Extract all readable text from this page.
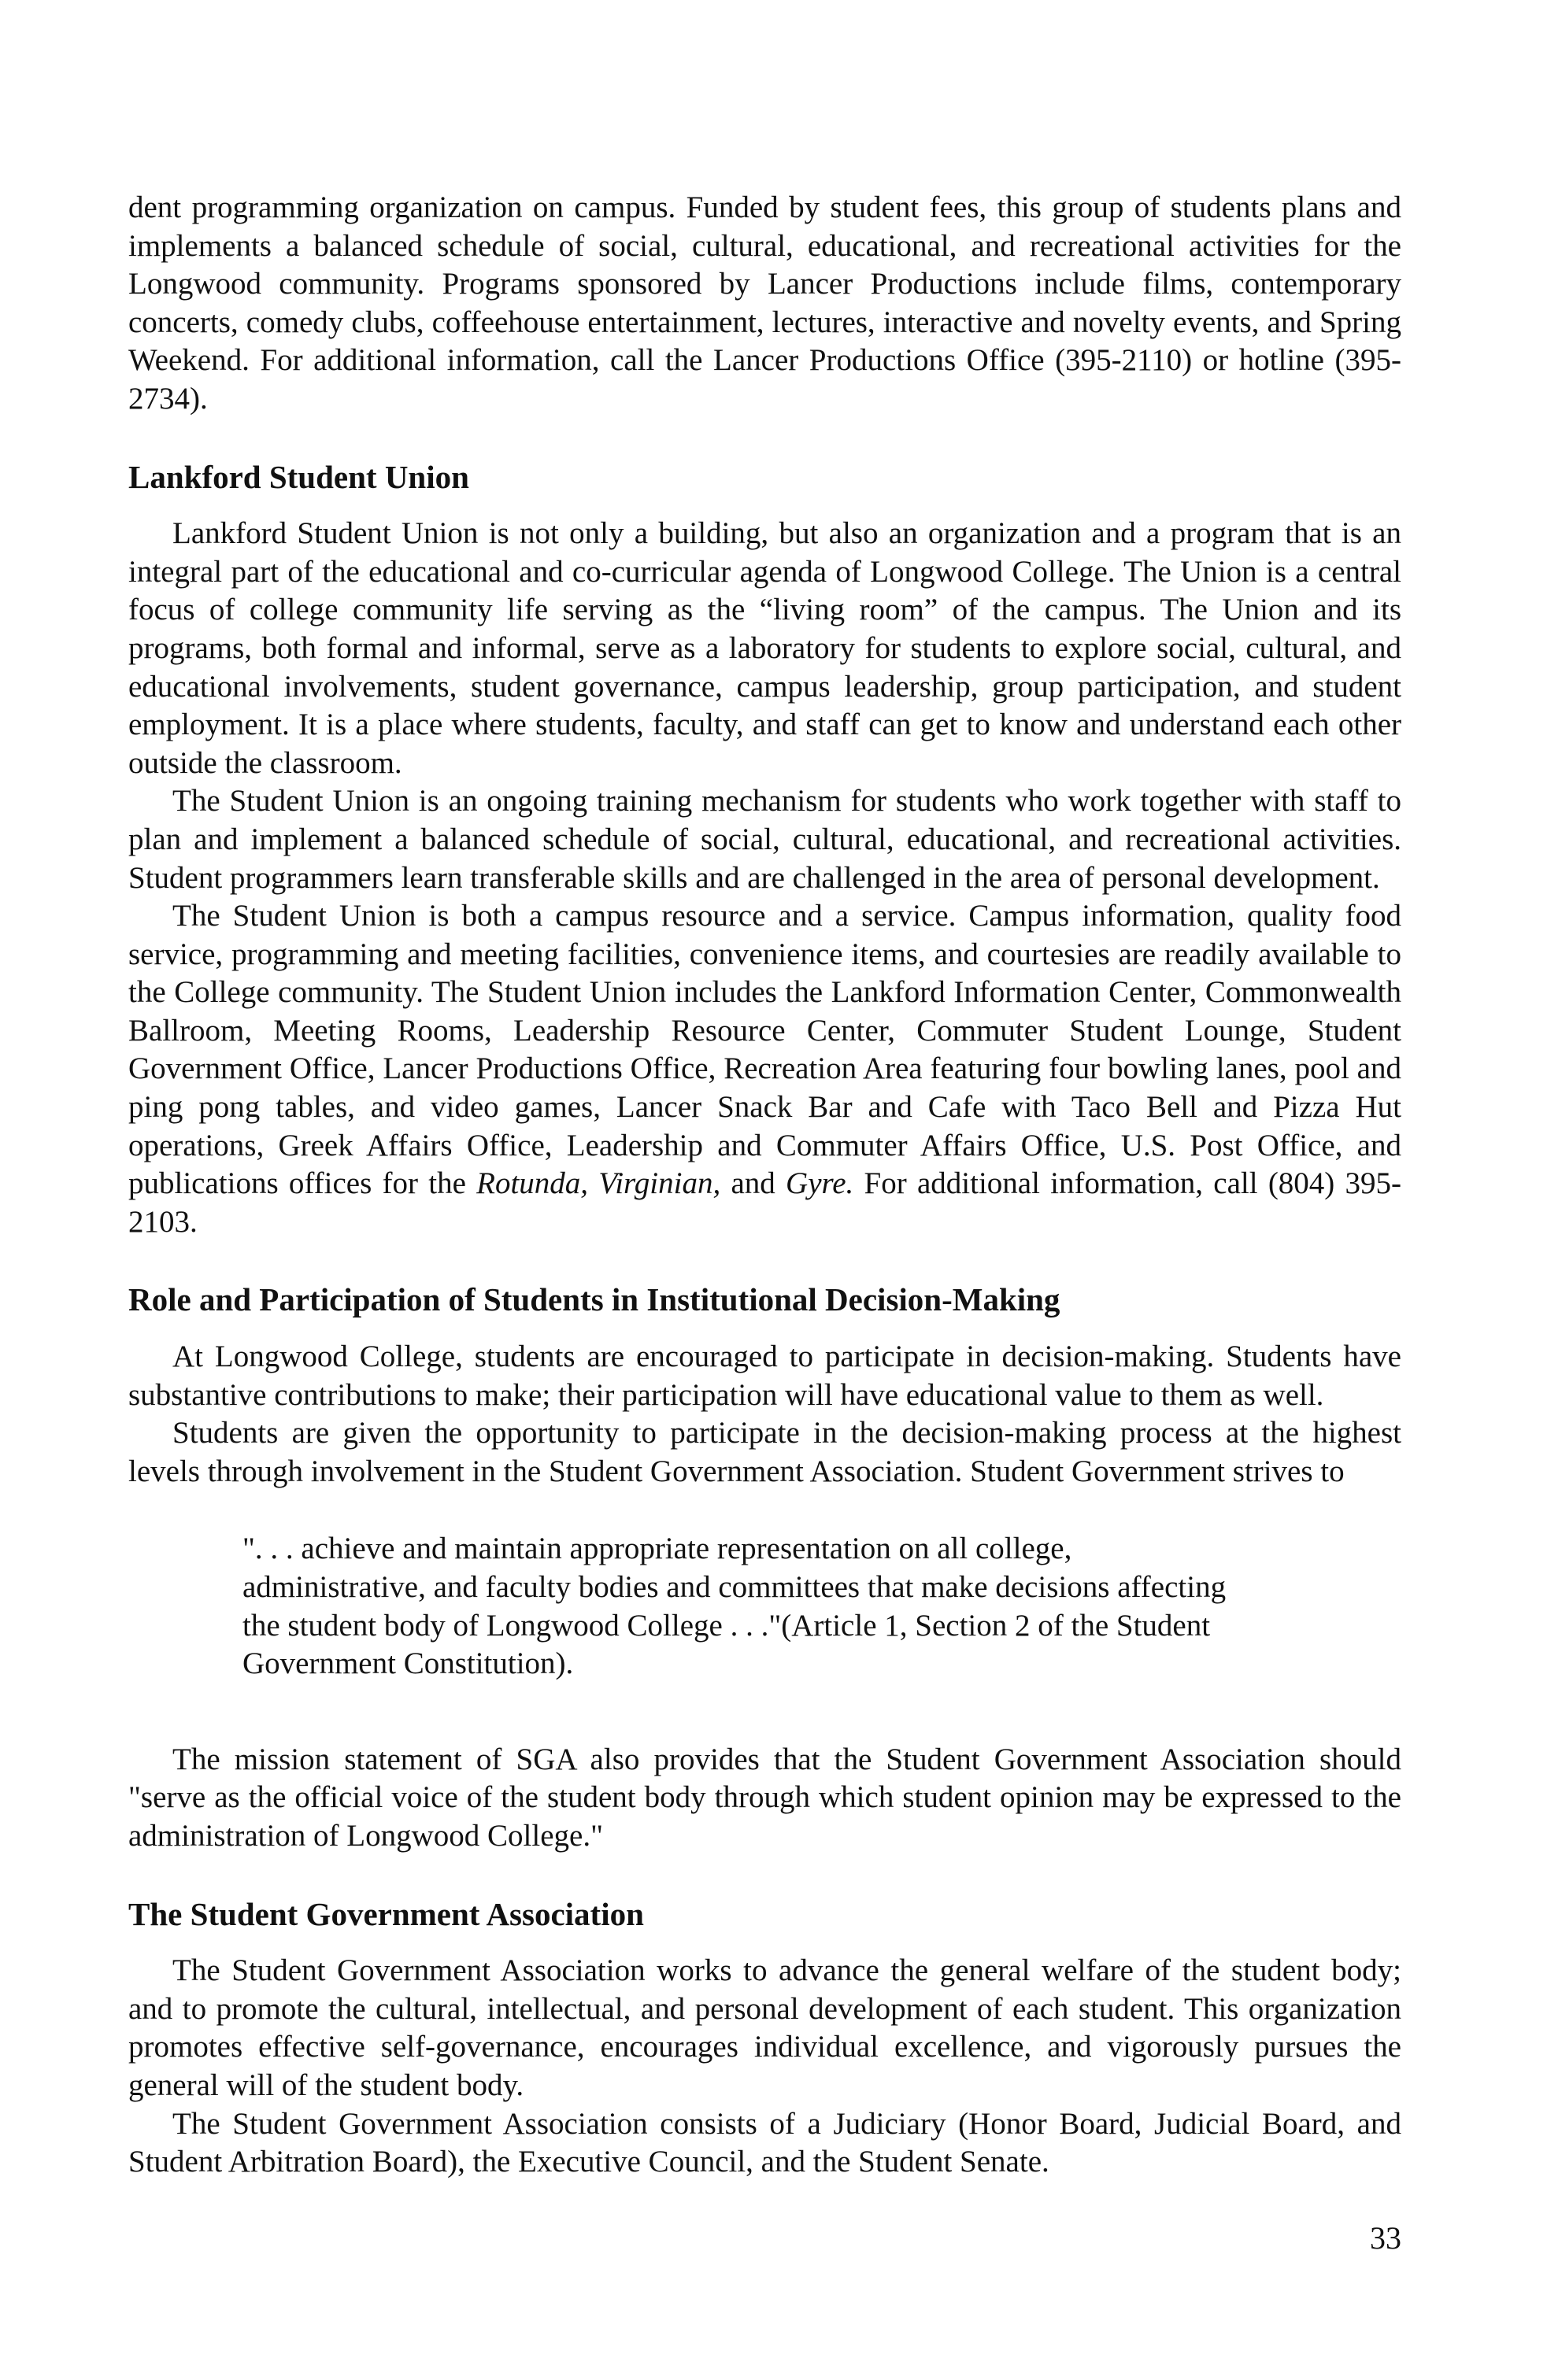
dent programming organization on campus. Funded by student fees, this group of students plans and implements a balanced schedule of social, cultural, educational, and recreational activities for the Longwood community. Programs sponsored by Lancer Productions include films, contemporary concerts, comedy clubs, coffeehouse entertainment, lectures, interactive and novelty events, and Spring Weekend. For additional information, call the Lancer Productions Office (395-2110) or hotline (395-2734).

Lankford Student Union

Lankford Student Union is not only a building, but also an organization and a program that is an integral part of the educational and co-curricular agenda of Longwood College. The Union is a central focus of college community life serving as the “living room” of the campus. The Union and its programs, both formal and informal, serve as a laboratory for students to explore social, cultural, and educational involvements, student governance, campus leadership, group participation, and student employment. It is a place where students, faculty, and staff can get to know and understand each other outside the classroom.

The Student Union is an ongoing training mechanism for students who work together with staff to plan and implement a balanced schedule of social, cultural, educational, and recreational activities. Student programmers learn transferable skills and are challenged in the area of personal development.

The Student Union is both a campus resource and a service. Campus information, quality food service, programming and meeting facilities, convenience items, and courtesies are readily available to the College community. The Student Union includes the Lankford Information Center, Commonwealth Ballroom, Meeting Rooms, Leadership Resource Center, Commuter Student Lounge, Student Government Office, Lancer Productions Office, Recreation Area featuring four bowling lanes, pool and ping pong tables, and video games, Lancer Snack Bar and Cafe with Taco Bell and Pizza Hut operations, Greek Affairs Office, Leadership and Commuter Affairs Office, U.S. Post Office, and publications offices for the Rotunda, Virginian, and Gyre. For additional information, call (804) 395-2103.

Role and Participation of Students in Institutional Decision-Making

At Longwood College, students are encouraged to participate in decision-making. Students have substantive contributions to make; their participation will have educational value to them as well.

Students are given the opportunity to participate in the decision-making process at the highest levels through involvement in the Student Government Association. Student Government strives to

". . . achieve and maintain appropriate representation on all college, administrative, and faculty bodies and committees that make decisions affecting the student body of Longwood College . . ."(Article 1, Section 2 of the Student Government Constitution).

The mission statement of SGA also provides that the Student Government Association should "serve as the official voice of the student body through which student opinion may be expressed to the administration of Longwood College."

The Student Government Association

The Student Government Association works to advance the general welfare of the student body; and to promote the cultural, intellectual, and personal development of each student. This organization promotes effective self-governance, encourages individual excellence, and vigorously pursues the general will of the student body.

The Student Government Association consists of a Judiciary (Honor Board, Judicial Board, and Student Arbitration Board), the Executive Council, and the Student Senate.

33
